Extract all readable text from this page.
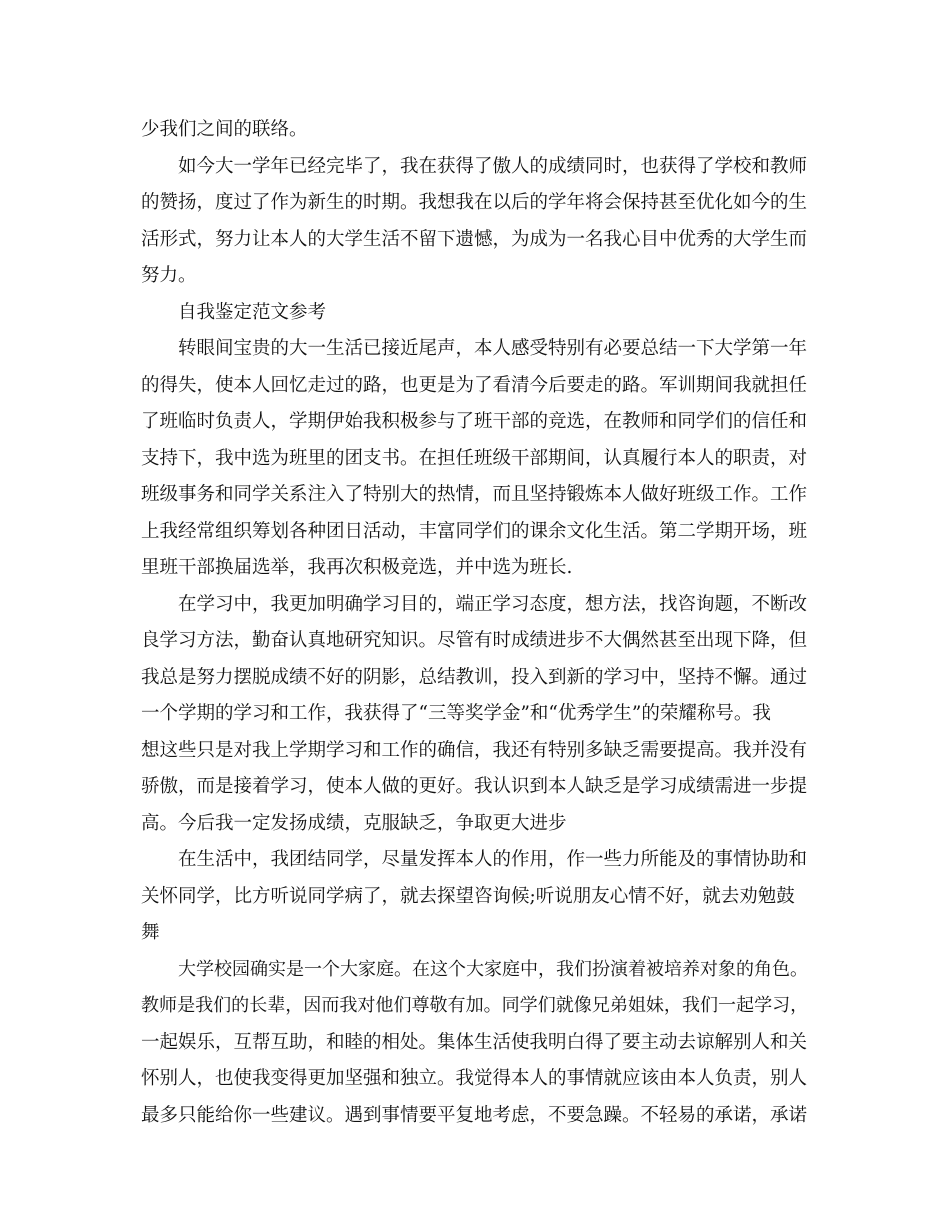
少我们之间的联络。
如今大一学年已经完毕了，我在获得了傲人的成绩同时，也获得了学校和教师
的赞扬，度过了作为新生的时期。我想我在以后的学年将会保持甚至优化如今的生
活形式，努力让本人的大学生活不留下遗憾，为成为一名我心目中优秀的大学生而
努力。
自我鉴定范文参考
转眼间宝贵的大一生活已接近尾声，本人感受特别有必要总结一下大学第一年
的得失，使本人回忆走过的路，也更是为了看清今后要走的路。军训期间我就担任
了班临时负责人，学期伊始我积极参与了班干部的竞选，在教师和同学们的信任和
支持下，我中选为班里的团支书。在担任班级干部期间，认真履行本人的职责，对
班级事务和同学关系注入了特别大的热情，而且坚持锻炼本人做好班级工作。工作
上我经常组织筹划各种团日活动，丰富同学们的课余文化生活。第二学期开场，班
里班干部换届选举，我再次积极竞选，并中选为班长.
在学习中，我更加明确学习目的，端正学习态度，想方法，找咨询题，不断改
良学习方法，勤奋认真地研究知识。尽管有时成绩进步不大偶然甚至出现下降，但
我总是努力摆脱成绩不好的阴影，总结教训，投入到新的学习中，坚持不懈。通过
一个学期的学习和工作，我获得了“三等奖学金”和“优秀学生”的荣耀称号。我
想这些只是对我上学期学习和工作的确信，我还有特别多缺乏需要提高。我并没有
骄傲，而是接着学习，使本人做的更好。我认识到本人缺乏是学习成绩需进一步提
高。今后我一定发扬成绩，克服缺乏，争取更大进步
在生活中，我团结同学，尽量发挥本人的作用，作一些力所能及的事情协助和
关怀同学，比方听说同学病了，就去探望咨询候;听说朋友心情不好，就去劝勉鼓
舞
大学校园确实是一个大家庭。在这个大家庭中，我们扮演着被培养对象的角色。
教师是我们的长辈，因而我对他们尊敬有加。同学们就像兄弟姐妹，我们一起学习，
一起娱乐，互帮互助，和睦的相处。集体生活使我明白得了要主动去谅解别人和关
怀别人，也使我变得更加坚强和独立。我觉得本人的事情就应该由本人负责，别人
最多只能给你一些建议。遇到事情要平复地考虑，不要急躁。不轻易的承诺，承诺
